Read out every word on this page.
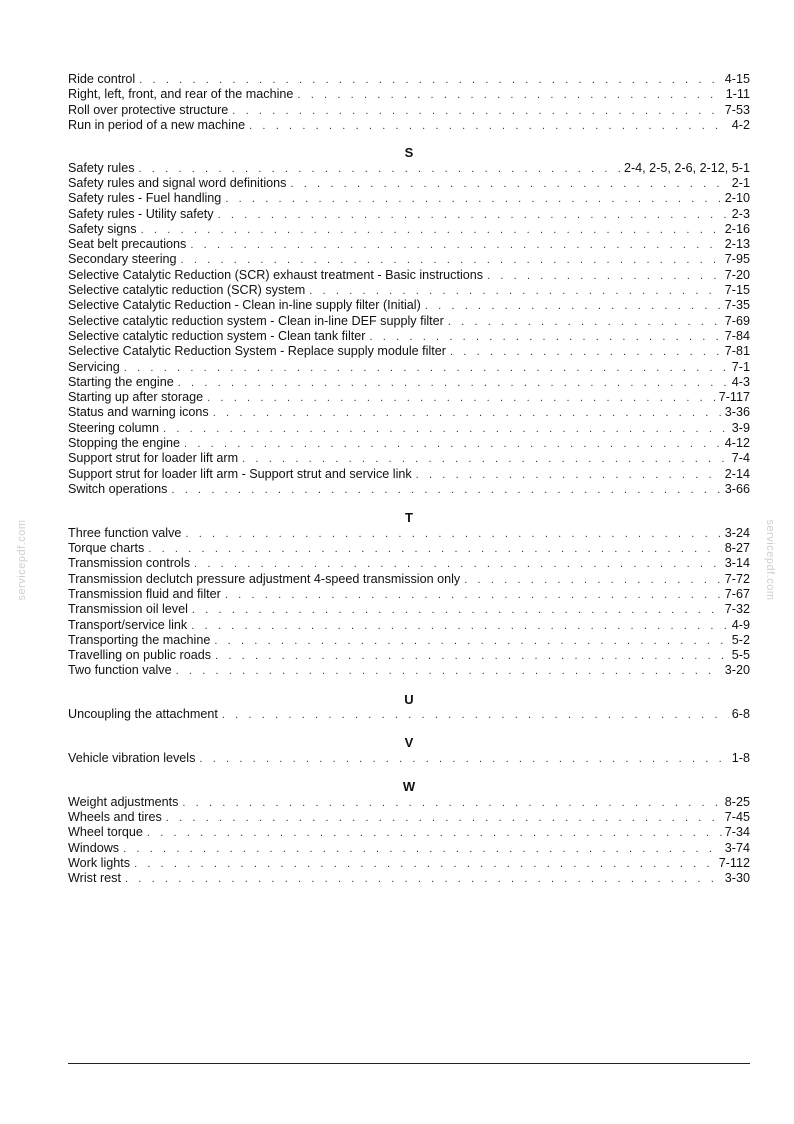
servicepdf.com	servicepdf.com
Ride control . . .	4-15
Right, left, front, and rear of the machine . . .	1-11
Roll over protective structure . . .	7-53
Run in period of a new machine . . .	4-2
S
Safety rules . . .	2-4, 2-5, 2-6, 2-12, 5-1
Safety rules and signal word definitions . . .	2-1
Safety rules - Fuel handling . . .	2-10
Safety rules - Utility safety . . .	2-3
Safety signs . . .	2-16
Seat belt precautions . . .	2-13
Secondary steering . . .	7-95
Selective Catalytic Reduction (SCR) exhaust treatment - Basic instructions . . .	7-20
Selective catalytic reduction (SCR) system . . .	7-15
Selective Catalytic Reduction - Clean in-line supply filter (Initial) . . .	7-35
Selective catalytic reduction system - Clean in-line DEF supply filter . . .	7-69
Selective catalytic reduction system - Clean tank filter . . .	7-84
Selective Catalytic Reduction System - Replace supply module filter . . .	7-81
Servicing . . .	7-1
Starting the engine . . .	4-3
Starting up after storage . . .	7-117
Status and warning icons . . .	3-36
Steering column . . .	3-9
Stopping the engine . . .	4-12
Support strut for loader lift arm . . .	7-4
Support strut for loader lift arm - Support strut and service link . . .	2-14
Switch operations . . .	3-66
T
Three function valve . . .	3-24
Torque charts . . .	8-27
Transmission controls . . .	3-14
Transmission declutch pressure adjustment 4-speed transmission only . . .	7-72
Transmission fluid and filter . . .	7-67
Transmission oil level . . .	7-32
Transport/service link . . .	4-9
Transporting the machine . . .	5-2
Travelling on public roads . . .	5-5
Two function valve . . .	3-20
U
Uncoupling the attachment . . .	6-8
V
Vehicle vibration levels . . .	1-8
W
Weight adjustments . . .	8-25
Wheels and tires . . .	7-45
Wheel torque . . .	7-34
Windows . . .	3-74
Work lights . . .	7-112
Wrist rest . . .	3-30
